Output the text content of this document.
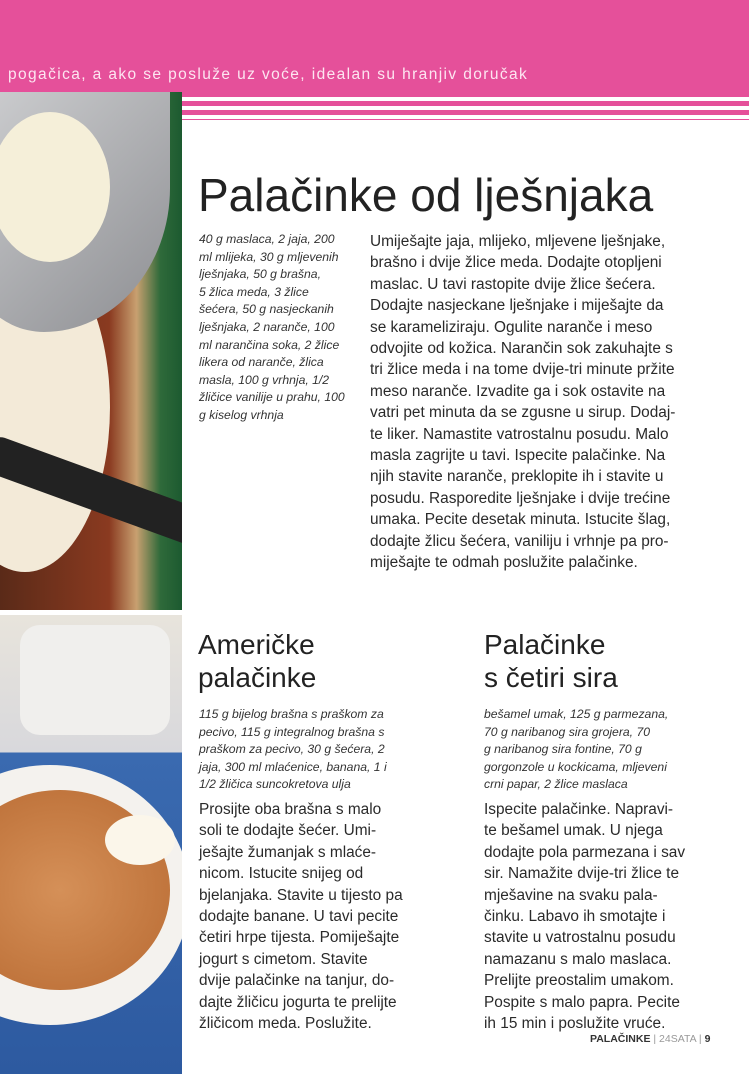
pogačica, a ako se posluže uz voće, idealan su hranjiv doručak
Palačinke od lješnjaka

40 g maslaca, 2 jaja, 200
ml mlijeka, 30 g mljevenih
lješnjaka, 50 g brašna,
5 žlica meda, 3 žlice
šećera, 50 g nasjeckanih
lješnjaka, 2 naranče, 100
ml narančina soka, 2 žlice
likera od naranče, žlica
masla, 100 g vrhnja, 1/2
žličice vanilije u prahu, 100
g kiselog vrhnja

Umiješajte jaja, mlijeko, mljevene lješnjake,
brašno i dvije žlice meda. Dodajte otopljeni
maslac. U tavi rastopite dvije žlice šećera.
Dodajte nasjeckane lješnjake i miješajte da
se karameliziraju. Ogulite naranče i meso
odvojite od kožica. Narančin sok zakuhajte s
tri žlice meda i na tome dvije-tri minute pržite
meso naranče. Izvadite ga i sok ostavite na
vatri pet minuta da se zgusne u sirup. Dodaj-
te liker. Namastite vatrostalnu posudu. Malo
masla zagrijte u tavi. Ispecite palačinke. Na
njih stavite naranče, preklopite ih i stavite u
posudu. Rasporedite lješnjake i dvije trećine
umaka. Pecite desetak minuta. Istucite šlag,
dodajte žlicu šećera, vaniliju i vrhnje pa pro-
miješajte te odmah poslužite palačinke.

Američke
palačinke

115 g bijelog brašna s praškom za
pecivo, 115 g integralnog brašna s
praškom za pecivo, 30 g šećera, 2
jaja, 300 ml mlaćenice, banana, 1 i
1/2 žličica suncokretova ulja

Prosijte oba brašna s malo
soli te dodajte šećer. Umi-
ješajte žumanjak s mlaće-
nicom. Istucite snijeg od
bjelanjaka. Stavite u tijesto pa
dodajte banane. U tavi pecite
četiri hrpe tijesta. Pomiješajte
jogurt s cimetom. Stavite
dvije palačinke na tanjur, do-
dajte žličicu jogurta te prelijte
žličicom meda. Poslužite.

Palačinke
s četiri sira

bešamel umak, 125 g parmezana,
70 g naribanog sira grojera, 70
g naribanog sira fontine, 70 g
gorgonzole u kockicama, mljeveni
crni papar, 2 žlice maslaca

Ispecite palačinke. Napravi-
te bešamel umak. U njega
dodajte pola parmezana i sav
sir. Namažite dvije-tri žlice te
mješavine na svaku pala-
činku. Labavo ih smotajte i
stavite u vatrostalnu posudu
namazanu s malo maslaca.
Prelijte preostalim umakom.
Pospite s malo papra. Pecite
ih 15 min i poslužite vruće.

PALAČINKE | 24SATA | 9
